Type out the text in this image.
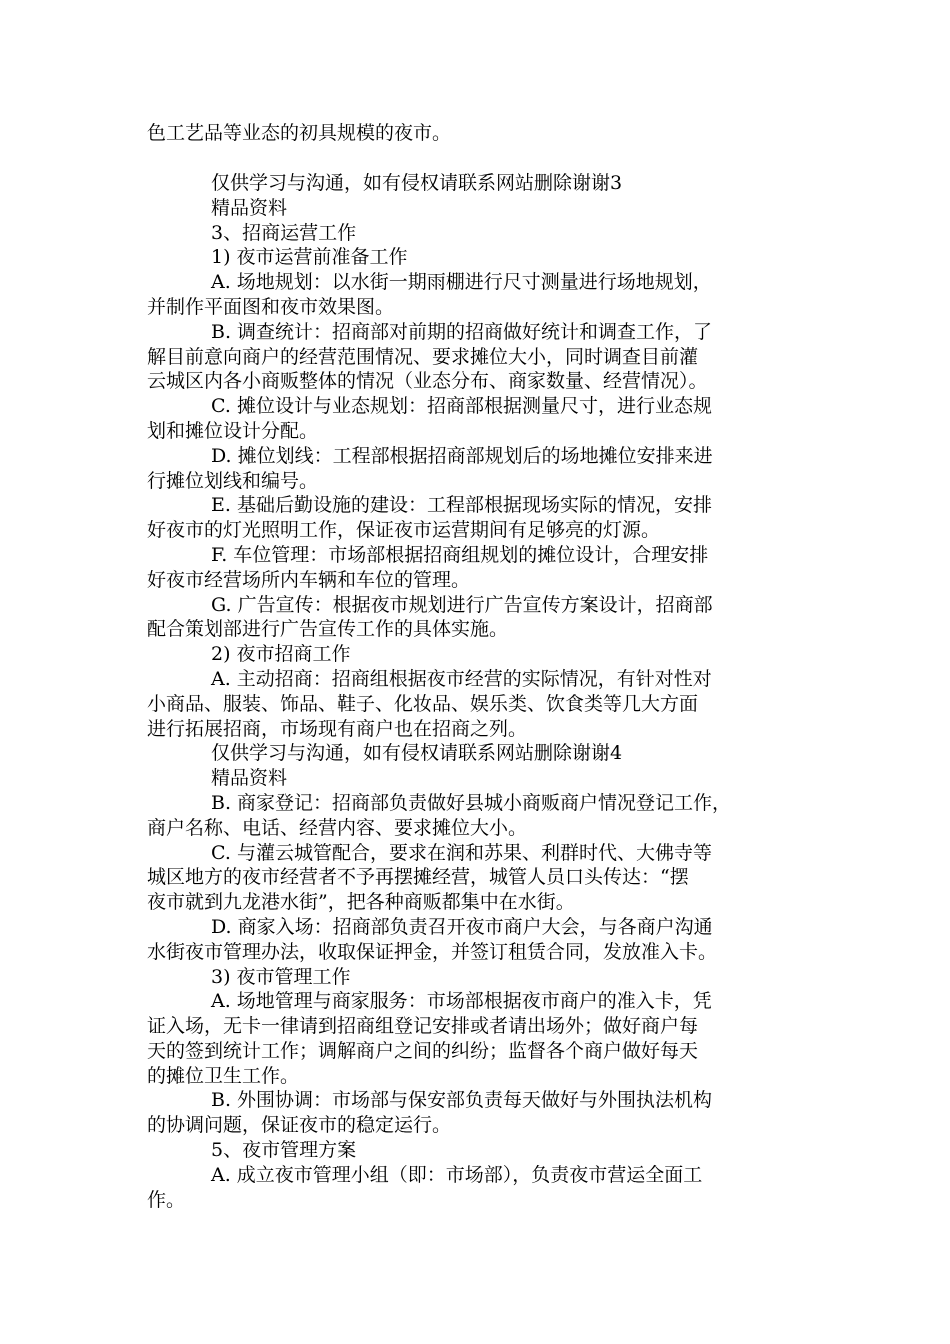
色工艺品等业态的初具规模的夜市。

仅供学习与沟通，如有侵权请联系网站删除谢谢3

精品资料

3、招商运营工作

1) 夜市运营前准备工作

A. 场地规划：以水街一期雨棚进行尺寸测量进行场地规划，

并制作平面图和夜市效果图。

B. 调查统计：招商部对前期的招商做好统计和调查工作，了

解目前意向商户的经营范围情况、要求摊位大小，同时调查目前灌

云城区内各小商贩整体的情况（业态分布、商家数量、经营情况）。

C. 摊位设计与业态规划：招商部根据测量尺寸，进行业态规

划和摊位设计分配。

D. 摊位划线：工程部根据招商部规划后的场地摊位安排来进

行摊位划线和编号。

E. 基础后勤设施的建设：工程部根据现场实际的情况，安排

好夜市的灯光照明工作，保证夜市运营期间有足够亮的灯源。

F. 车位管理：市场部根据招商组规划的摊位设计，合理安排

好夜市经营场所内车辆和车位的管理。

G. 广告宣传：根据夜市规划进行广告宣传方案设计，招商部

配合策划部进行广告宣传工作的具体实施。

2) 夜市招商工作

A. 主动招商：招商组根据夜市经营的实际情况，有针对性对

小商品、服装、饰品、鞋子、化妆品、娱乐类、饮食类等几大方面

进行拓展招商，市场现有商户也在招商之列。

仅供学习与沟通，如有侵权请联系网站删除谢谢4

精品资料

B. 商家登记：招商部负责做好县城小商贩商户情况登记工作，

商户名称、电话、经营内容、要求摊位大小。

C. 与灌云城管配合，要求在润和苏果、利群时代、大佛寺等

城区地方的夜市经营者不予再摆摊经营，城管人员口头传达：“摆

夜市就到九龙港水街”，把各种商贩都集中在水街。

D. 商家入场：招商部负责召开夜市商户大会，与各商户沟通

水街夜市管理办法，收取保证押金，并签订租赁合同，发放准入卡。

3) 夜市管理工作

A. 场地管理与商家服务：市场部根据夜市商户的准入卡，凭

证入场，无卡一律请到招商组登记安排或者请出场外；做好商户每

天的签到统计工作；调解商户之间的纠纷；监督各个商户做好每天

的摊位卫生工作。

B. 外围协调：市场部与保安部负责每天做好与外围执法机构

的协调问题，保证夜市的稳定运行。

5、夜市管理方案

A. 成立夜市管理小组（即：市场部），负责夜市营运全面工

作。
